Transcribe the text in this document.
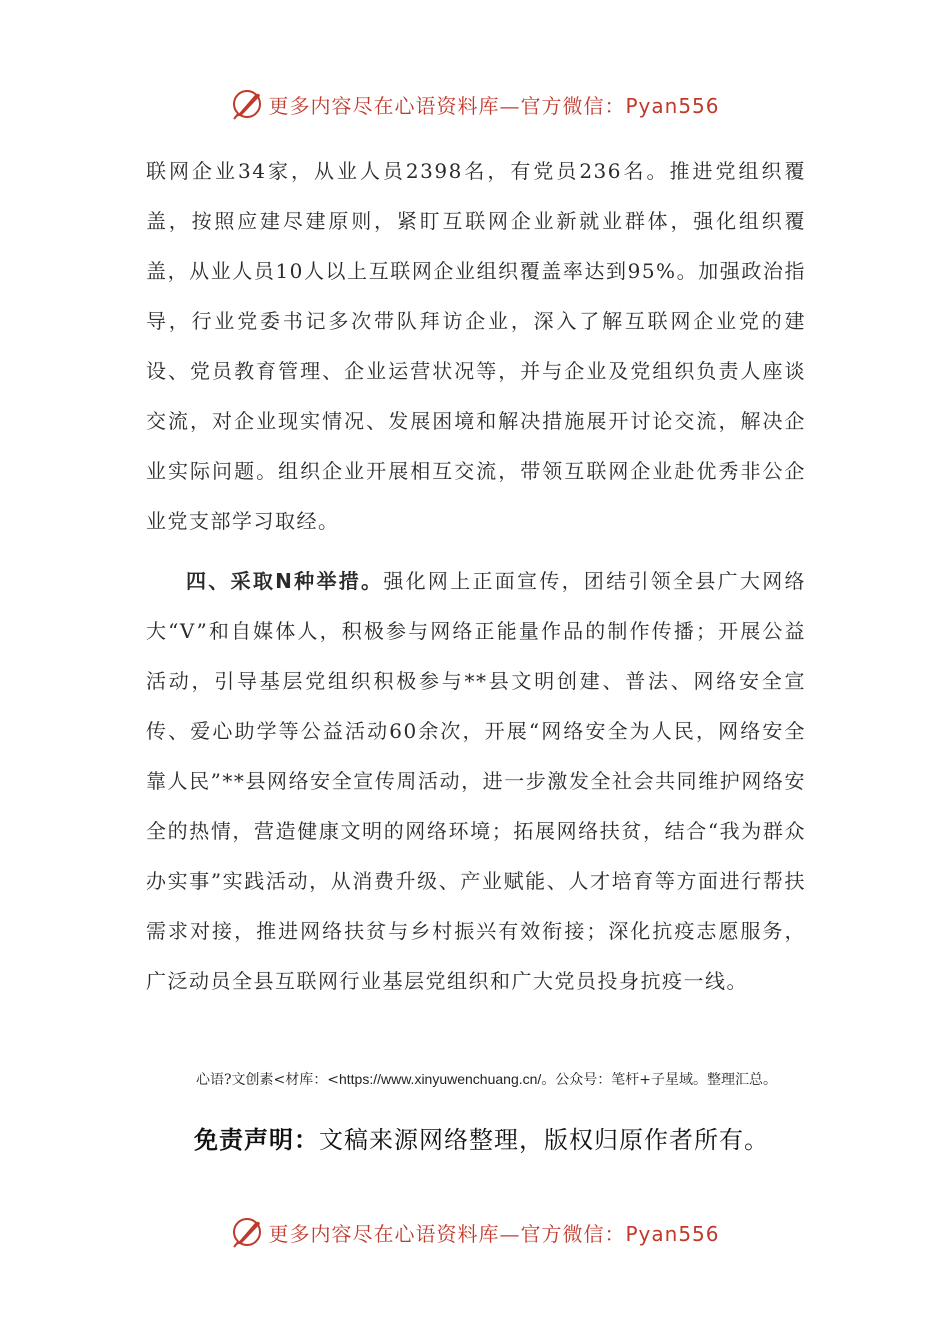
更多内容尽在心语资料库—官方微信：Pyan556
联网企业34家，从业人员2398名，有党员236名。推进党组织覆盖，按照应建尽建原则，紧盯互联网企业新就业群体，强化组织覆盖，从业人员10人以上互联网企业组织覆盖率达到95%。加强政治指导，行业党委书记多次带队拜访企业，深入了解互联网企业党的建设、党员教育管理、企业运营状况等，并与企业及党组织负责人座谈交流，对企业现实情况、发展困境和解决措施展开讨论交流，解决企业实际问题。组织企业开展相互交流，带领互联网企业赴优秀非公企业党支部学习取经。
四、采取N种举措。强化网上正面宣传，团结引领全县广大网络大“V”和自媒体人，积极参与网络正能量作品的制作传播；开展公益活动，引导基层党组织积极参与**县文明创建、普法、网络安全宣传、爱心助学等公益活动60余次，开展“网络安全为人民，网络安全靠人民”**县网络安全宣传周活动，进一步激发全社会共同维护网络安全的热情，营造健康文明的网络环境；拓展网络扶贫，结合“我为群众办实事”实践活动，从消费升级、产业赋能、人才培育等方面进行帮扶需求对接，推进网络扶贫与乡村振兴有效衔接；深化抗疫志愿服务，广泛动员全县互联网行业基层党组织和广大党员投身抗疫一线。
心语?文创素<材库：<https://www.xinyuwenchuang.cn/。公众号：笔杆+子星域。整理汇总。
免责声明：文稿来源网络整理，版权归原作者所有。
更多内容尽在心语资料库—官方微信：Pyan556
